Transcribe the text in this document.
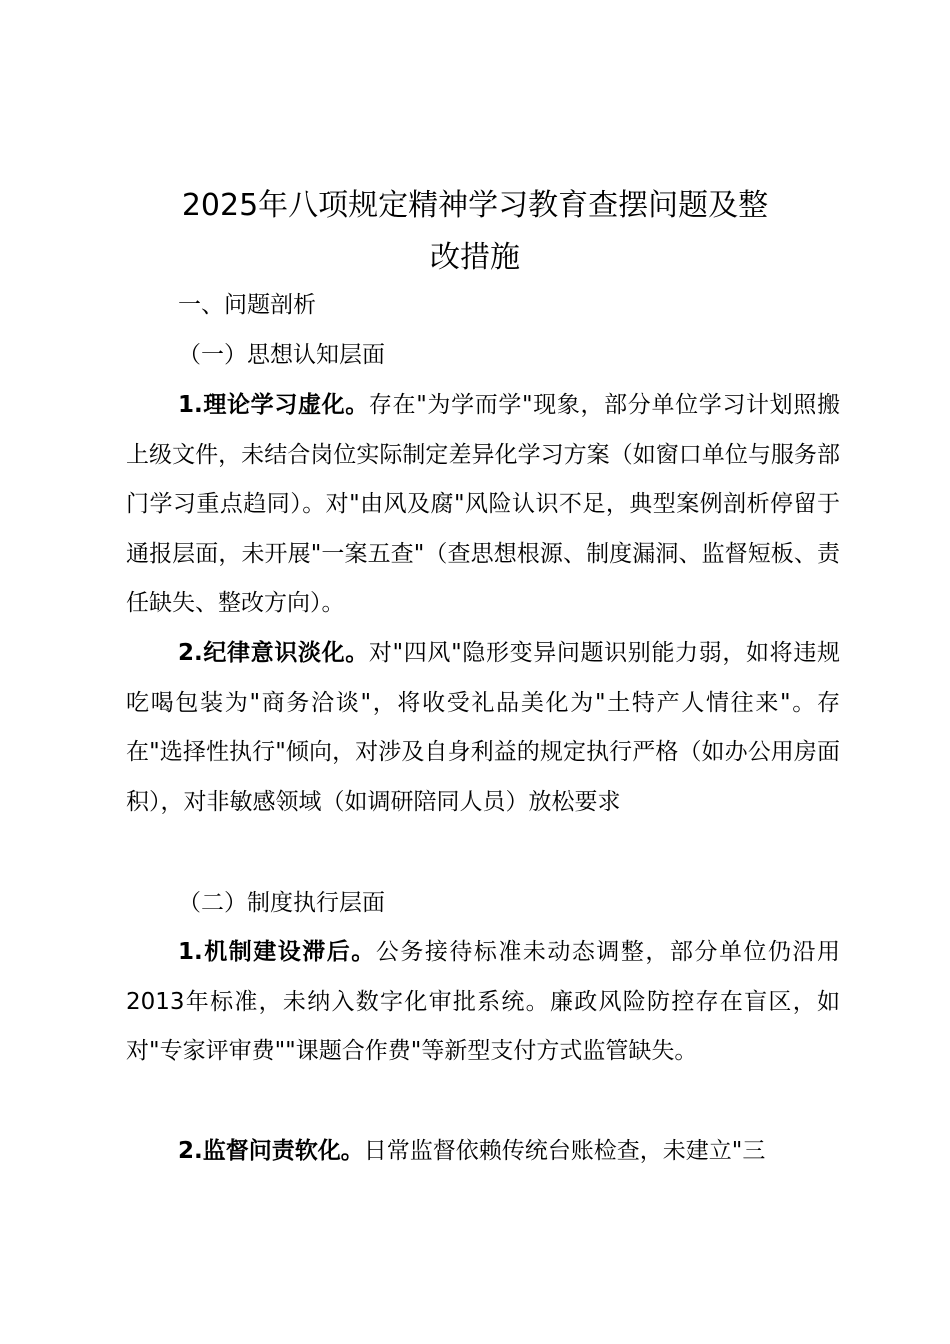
2025年八项规定精神学习教育查摆问题及整
改措施

一、问题剖析

（一）思想认知层面

1.理论学习虚化。存在"为学而学"现象，部分单位学习计划照搬上级文件，未结合岗位实际制定差异化学习方案（如窗口单位与服务部门学习重点趋同）。对"由风及腐"风险认识不足，典型案例剖析停留于通报层面，未开展"一案五查"（查思想根源、制度漏洞、监督短板、责任缺失、整改方向）。

2.纪律意识淡化。对"四风"隐形变异问题识别能力弱，如将违规吃喝包装为"商务洽谈"，将收受礼品美化为"土特产人情往来"。存在"选择性执行"倾向，对涉及自身利益的规定执行严格（如办公用房面积），对非敏感领域（如调研陪同人员）放松要求

（二）制度执行层面

1.机制建设滞后。公务接待标准未动态调整，部分单位仍沿用2013年标准，未纳入数字化审批系统。廉政风险防控存在盲区，如对"专家评审费""课题合作费"等新型支付方式监管缺失。

2.监督问责软化。日常监督依赖传统台账检查，未建立"三
